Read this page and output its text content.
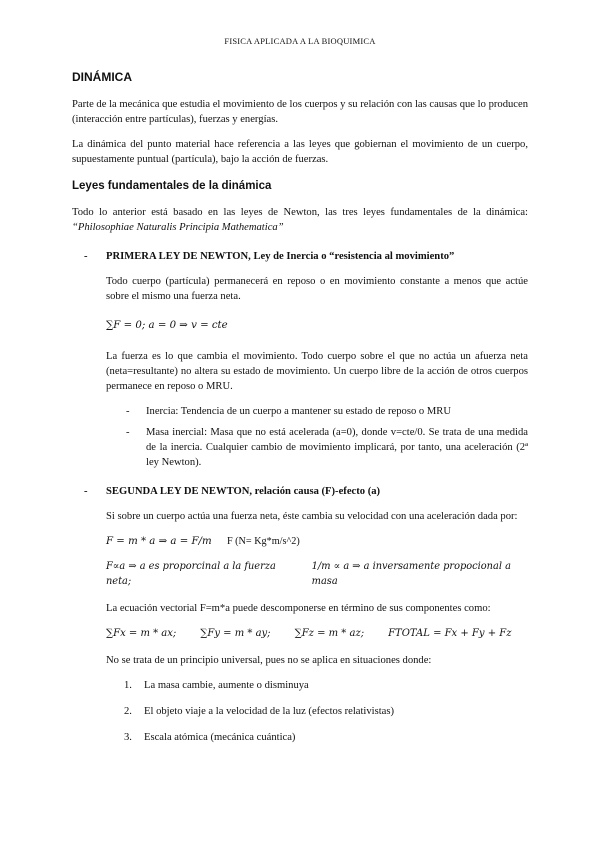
FISICA APLICADA A LA BIOQUIMICA
DINÁMICA

Parte de la mecánica que estudia el movimiento de los cuerpos y su relación con las causas que lo producen (interacción entre partículas), fuerzas y energías.

La dinámica del punto material hace referencia a las leyes que gobiernan el movimiento de un cuerpo, supuestamente puntual (partícula), bajo la acción de fuerzas.

Leyes fundamentales de la dinámica

Todo lo anterior está basado en las leyes de Newton, las tres leyes fundamentales de la dinámica: “Philosophiae Naturalis Principia Mathematica”

- PRIMERA LEY DE NEWTON, Ley de Inercia o “resistencia al movimiento”

Todo cuerpo (partícula) permanecerá en reposo o en movimiento constante a menos que actúe sobre el mismo una fuerza neta.

∑F = 0; a = 0 ⇒ v = cte

La fuerza es lo que cambia el movimiento. Todo cuerpo sobre el que no actúa un afuerza neta (neta=resultante) no altera su estado de movimiento. Un cuerpo libre de la acción de otros cuerpos permanece en reposo o MRU.

- Inercia: Tendencia de un cuerpo a mantener su estado de reposo o MRU
- Masa inercial: Masa que no está acelerada (a=0), donde v=cte/0. Se trata de una medida de la inercia. Cualquier cambio de movimiento implicará, por tanto, una aceleración (2ª ley Newton).
- SEGUNDA LEY DE NEWTON, relación causa (F)-efecto (a)

Si sobre un cuerpo actúa una fuerza neta, éste cambia su velocidad con una aceleración dada por:

F = m * a ⇒ a = F/m F (N= Kg*m/s^2)
F∝a ⇒ a es proporcinal a la fuerza neta;
1/m ∝ a ⇒ a inversamente propocional a masa

La ecuación vectorial F=m*a puede descomponerse en término de sus componentes como:

∑Fx = m * ax; ∑Fy = m * ay; ∑Fz = m * az; FTOTAL = Fx + Fy + Fz

No se trata de un principio universal, pues no se aplica en situaciones donde:

1. La masa cambie, aumente o disminuya
2. El objeto viaje a la velocidad de la luz (efectos relativistas)
3. Escala atómica (mecánica cuántica)
